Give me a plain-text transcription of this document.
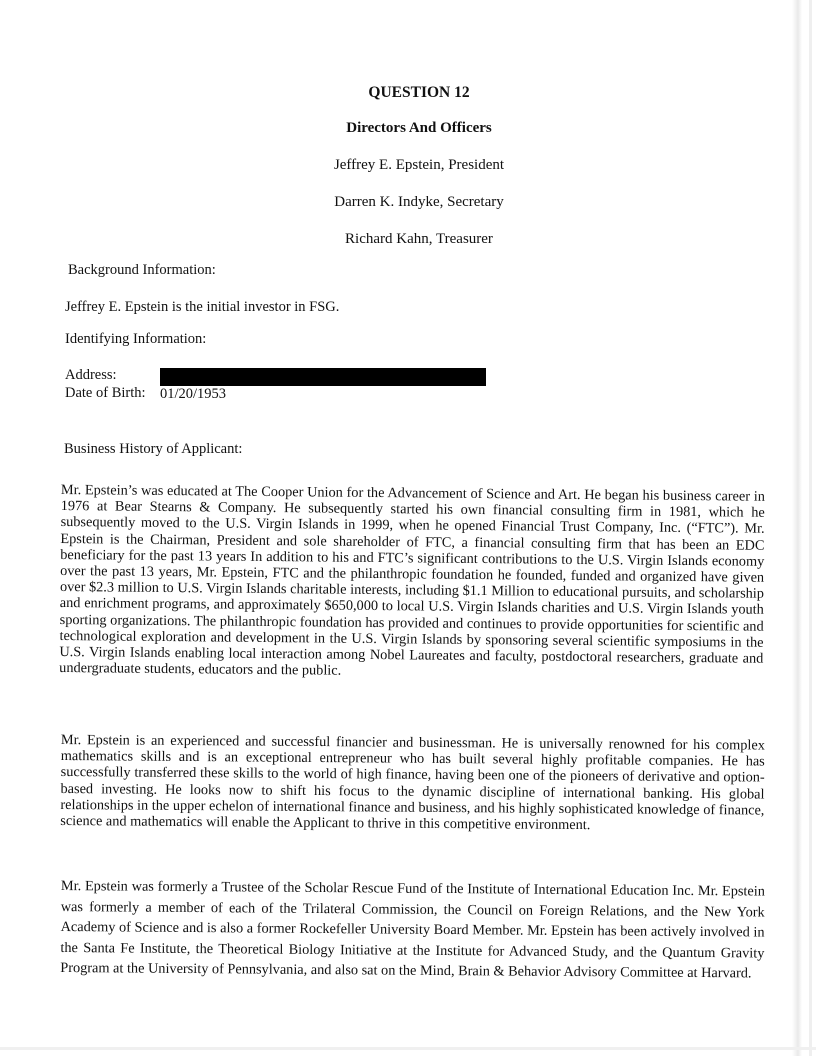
QUESTION 12
Directors And Officers
Jeffrey E. Epstein, President
Darren K. Indyke, Secretary
Richard Kahn, Treasurer
Background Information:
Jeffrey E. Epstein is the initial investor in FSG.
Identifying Information:
Address:
Date of Birth: 01/20/1953
Business History of Applicant:

Mr. Epstein’s was educated at The Cooper Union for the Advancement of Science and Art. He began his business career in 1976 at Bear Stearns & Company. He subsequently started his own financial consulting firm in 1981, which he subsequently moved to the U.S. Virgin Islands in 1999, when he opened Financial Trust Company, Inc. (“FTC”). Mr. Epstein is the Chairman, President and sole shareholder of FTC, a financial consulting firm that has been an EDC beneficiary for the past 13 years In addition to his and FTC’s significant contributions to the U.S. Virgin Islands economy over the past 13 years, Mr. Epstein, FTC and the philanthropic foundation he founded, funded and organized have given over $2.3 million to U.S. Virgin Islands charitable interests, including $1.1 Million to educational pursuits, and scholarship and enrichment programs, and approximately $650,000 to local U.S. Virgin Islands charities and U.S. Virgin Islands youth sporting organizations. The philanthropic foundation has provided and continues to provide opportunities for scientific and technological exploration and development in the U.S. Virgin Islands by sponsoring several scientific symposiums in the U.S. Virgin Islands enabling local interaction among Nobel Laureates and faculty, postdoctoral researchers, graduate and undergraduate students, educators and the public.

Mr. Epstein is an experienced and successful financier and businessman. He is universally renowned for his complex mathematics skills and is an exceptional entrepreneur who has built several highly profitable companies. He has successfully transferred these skills to the world of high finance, having been one of the pioneers of derivative and option-based investing. He looks now to shift his focus to the dynamic discipline of international banking. His global relationships in the upper echelon of international finance and business, and his highly sophisticated knowledge of finance, science and mathematics will enable the Applicant to thrive in this competitive environment.

Mr. Epstein was formerly a Trustee of the Scholar Rescue Fund of the Institute of International Education Inc. Mr. Epstein was formerly a member of each of the Trilateral Commission, the Council on Foreign Relations, and the New York Academy of Science and is also a former Rockefeller University Board Member. Mr. Epstein has been actively involved in the Santa Fe Institute, the Theoretical Biology Initiative at the Institute for Advanced Study, and the Quantum Gravity Program at the University of Pennsylvania, and also sat on the Mind, Brain & Behavior Advisory Committee at Harvard.
